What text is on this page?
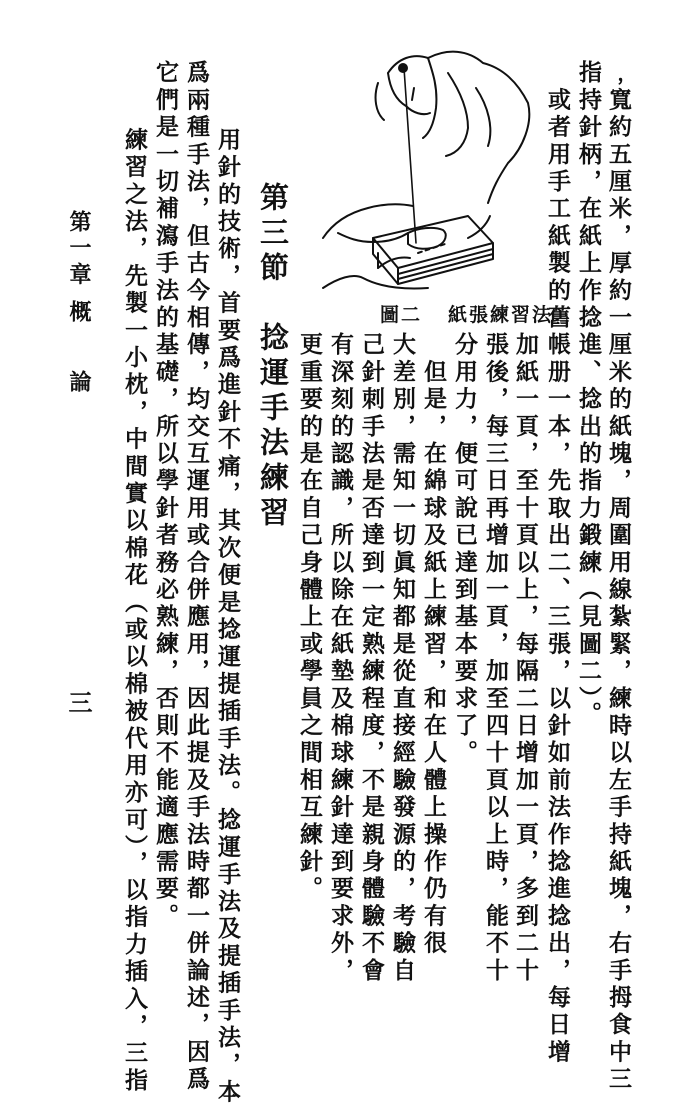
圖二 紙張練習法 ﹐寬約五厘米，厚約一厘米的紙塊，周圍用線紮緊，練時以左手持紙塊，右手拇食中三
指持針柄，在紙上作捻進、捻出的指力鍛練（見圖二）。
　或者用手工紙製的舊帳册一本，先取出二、三張，以針如前法作捻進捻出，每日增
加紙一頁，至十頁以上，每隔二日增加一頁，多到二十
張後，每三日再增加一頁，加至四十頁以上時，能不十
分用力，便可說已達到基本要求了。
　但是，在綿球及紙上練習，和在人體上操作仍有很
大差別，需知一切眞知都是從直接經驗發源的，考驗自
己針刺手法是否達到一定熟練程度，不是親身體驗不會
有深刻的認識，所以除在紙墊及棉球練針達到要求外，
更重要的是在自己身體上或學員之間相互練針。
第三節　捻運手法練習
　用針的技術，首要爲進針不痛，其次便是捻運提插手法。捻運手法及提插手法，本
爲兩種手法，但古今相傳，均交互運用或合併應用，因此提及手法時都一併論述，因爲
它們是一切補瀉手法的基礎，所以學針者務必熟練，否則不能適應需要。
　練習之法，先製一小枕，中間實以棉花（或以棉被代用亦可），以指力插入，三指
第一章
概
論
三
